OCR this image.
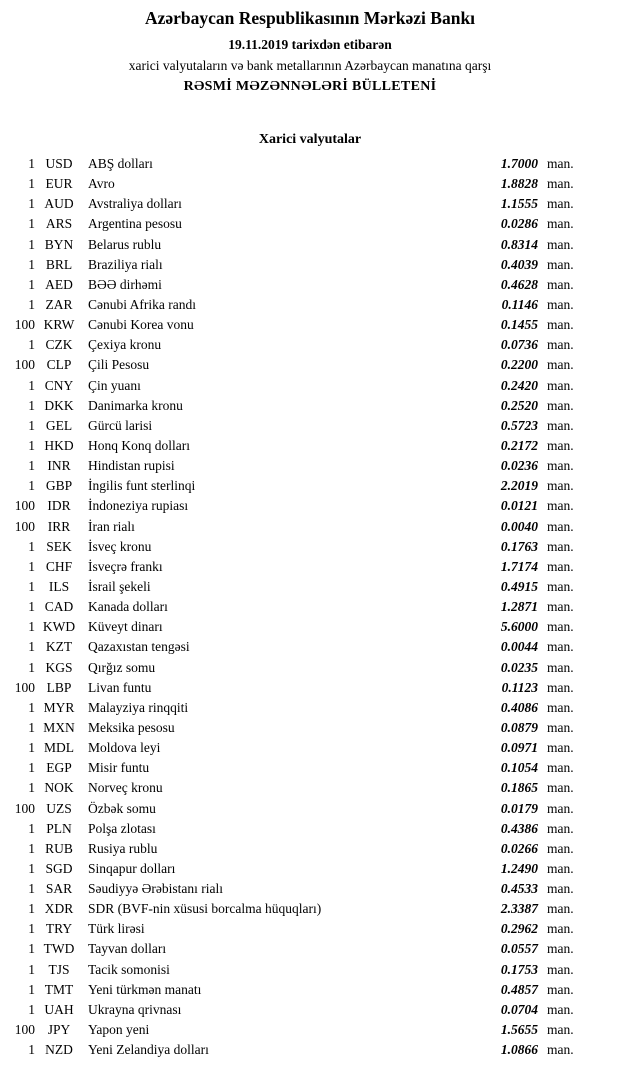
Azərbaycan Respublikasının Mərkəzi Bankı
19.11.2019 tarixdən etibarən
xarici valyutaların və bank metallarının Azərbaycan manatına qarşı
RƏSMİ MƏZƏNNƏLƏRİ BÜLLETENİ
Xarici valyutalar
1 USD	ABŞ dolları	1.7000 man.
1 EUR	Avro	1.8828 man.
1 AUD	Avstraliya dolları	1.1555 man.
1 ARS	Argentina pesosu	0.0286 man.
1 BYN	Belarus rublu	0.8314 man.
1 BRL	Braziliya rialı	0.4039 man.
1 AED	BƏƏ dirhəmi	0.4628 man.
1 ZAR	Cənubi Afrika randı	0.1146 man.
100 KRW	Cənubi Korea vonu	0.1455 man.
1 CZK	Çexiya kronu	0.0736 man.
100 CLP	Çili Pesosu	0.2200 man.
1 CNY	Çin yuanı	0.2420 man.
1 DKK	Danimarka kronu	0.2520 man.
1 GEL	Gürcü larisi	0.5723 man.
1 HKD	Honq Konq dolları	0.2172 man.
1 INR	Hindistan rupisi	0.0236 man.
1 GBP	İngilis funt sterlinqi	2.2019 man.
100 IDR	İndoneziya rupiası	0.0121 man.
100 IRR	İran rialı	0.0040 man.
1 SEK	İsveç kronu	0.1763 man.
1 CHF	İsveçrə frankı	1.7174 man.
1	ILS	İsrail şekeli	0.4915 man.
1 CAD	Kanada dolları	1.2871 man.
1 KWD Küveyt dinarı	5.6000 man.
1 KZT	Qazaxıstan tengəsi	0.0044 man.
1 KGS	Qırğız somu	0.0235 man.
100 LBP	Livan funtu	0.1123 man.
1 MYR	Malayziya rinqqiti	0.4086 man.
1 MXN Meksika pesosu	0.0879 man.
1 MDL	Moldova leyi	0.0971 man.
1 EGP	Misir funtu	0.1054 man.
1 NOK	Norveç kronu	0.1865 man.
100 UZS	Özbək somu	0.0179 man.
1 PLN	Polşa zlotası	0.4386 man.
1 RUB	Rusiya rublu	0.0266 man.
1 SGD	Sinqapur dolları	1.2490 man.
1 SAR	Səudiyyə Ərəbistanı rialı	0.4533 man.
1 XDR	SDR (BVF-nin xüsusi borcalma hüquqları)	2.3387 man.
1 TRY	Türk lirəsi	0.2962 man.
1 TWD	Tayvan dolları	0.0557 man.
1 TJS	Tacik somonisi	0.1753 man.
1 TMT	Yeni türkmən manatı	0.4857 man.
1 UAH	Ukrayna qrivnası	0.0704 man.
100 JPY	Yapon yeni	1.5655 man.
1 NZD	Yeni Zelandiya dolları	1.0866 man.
